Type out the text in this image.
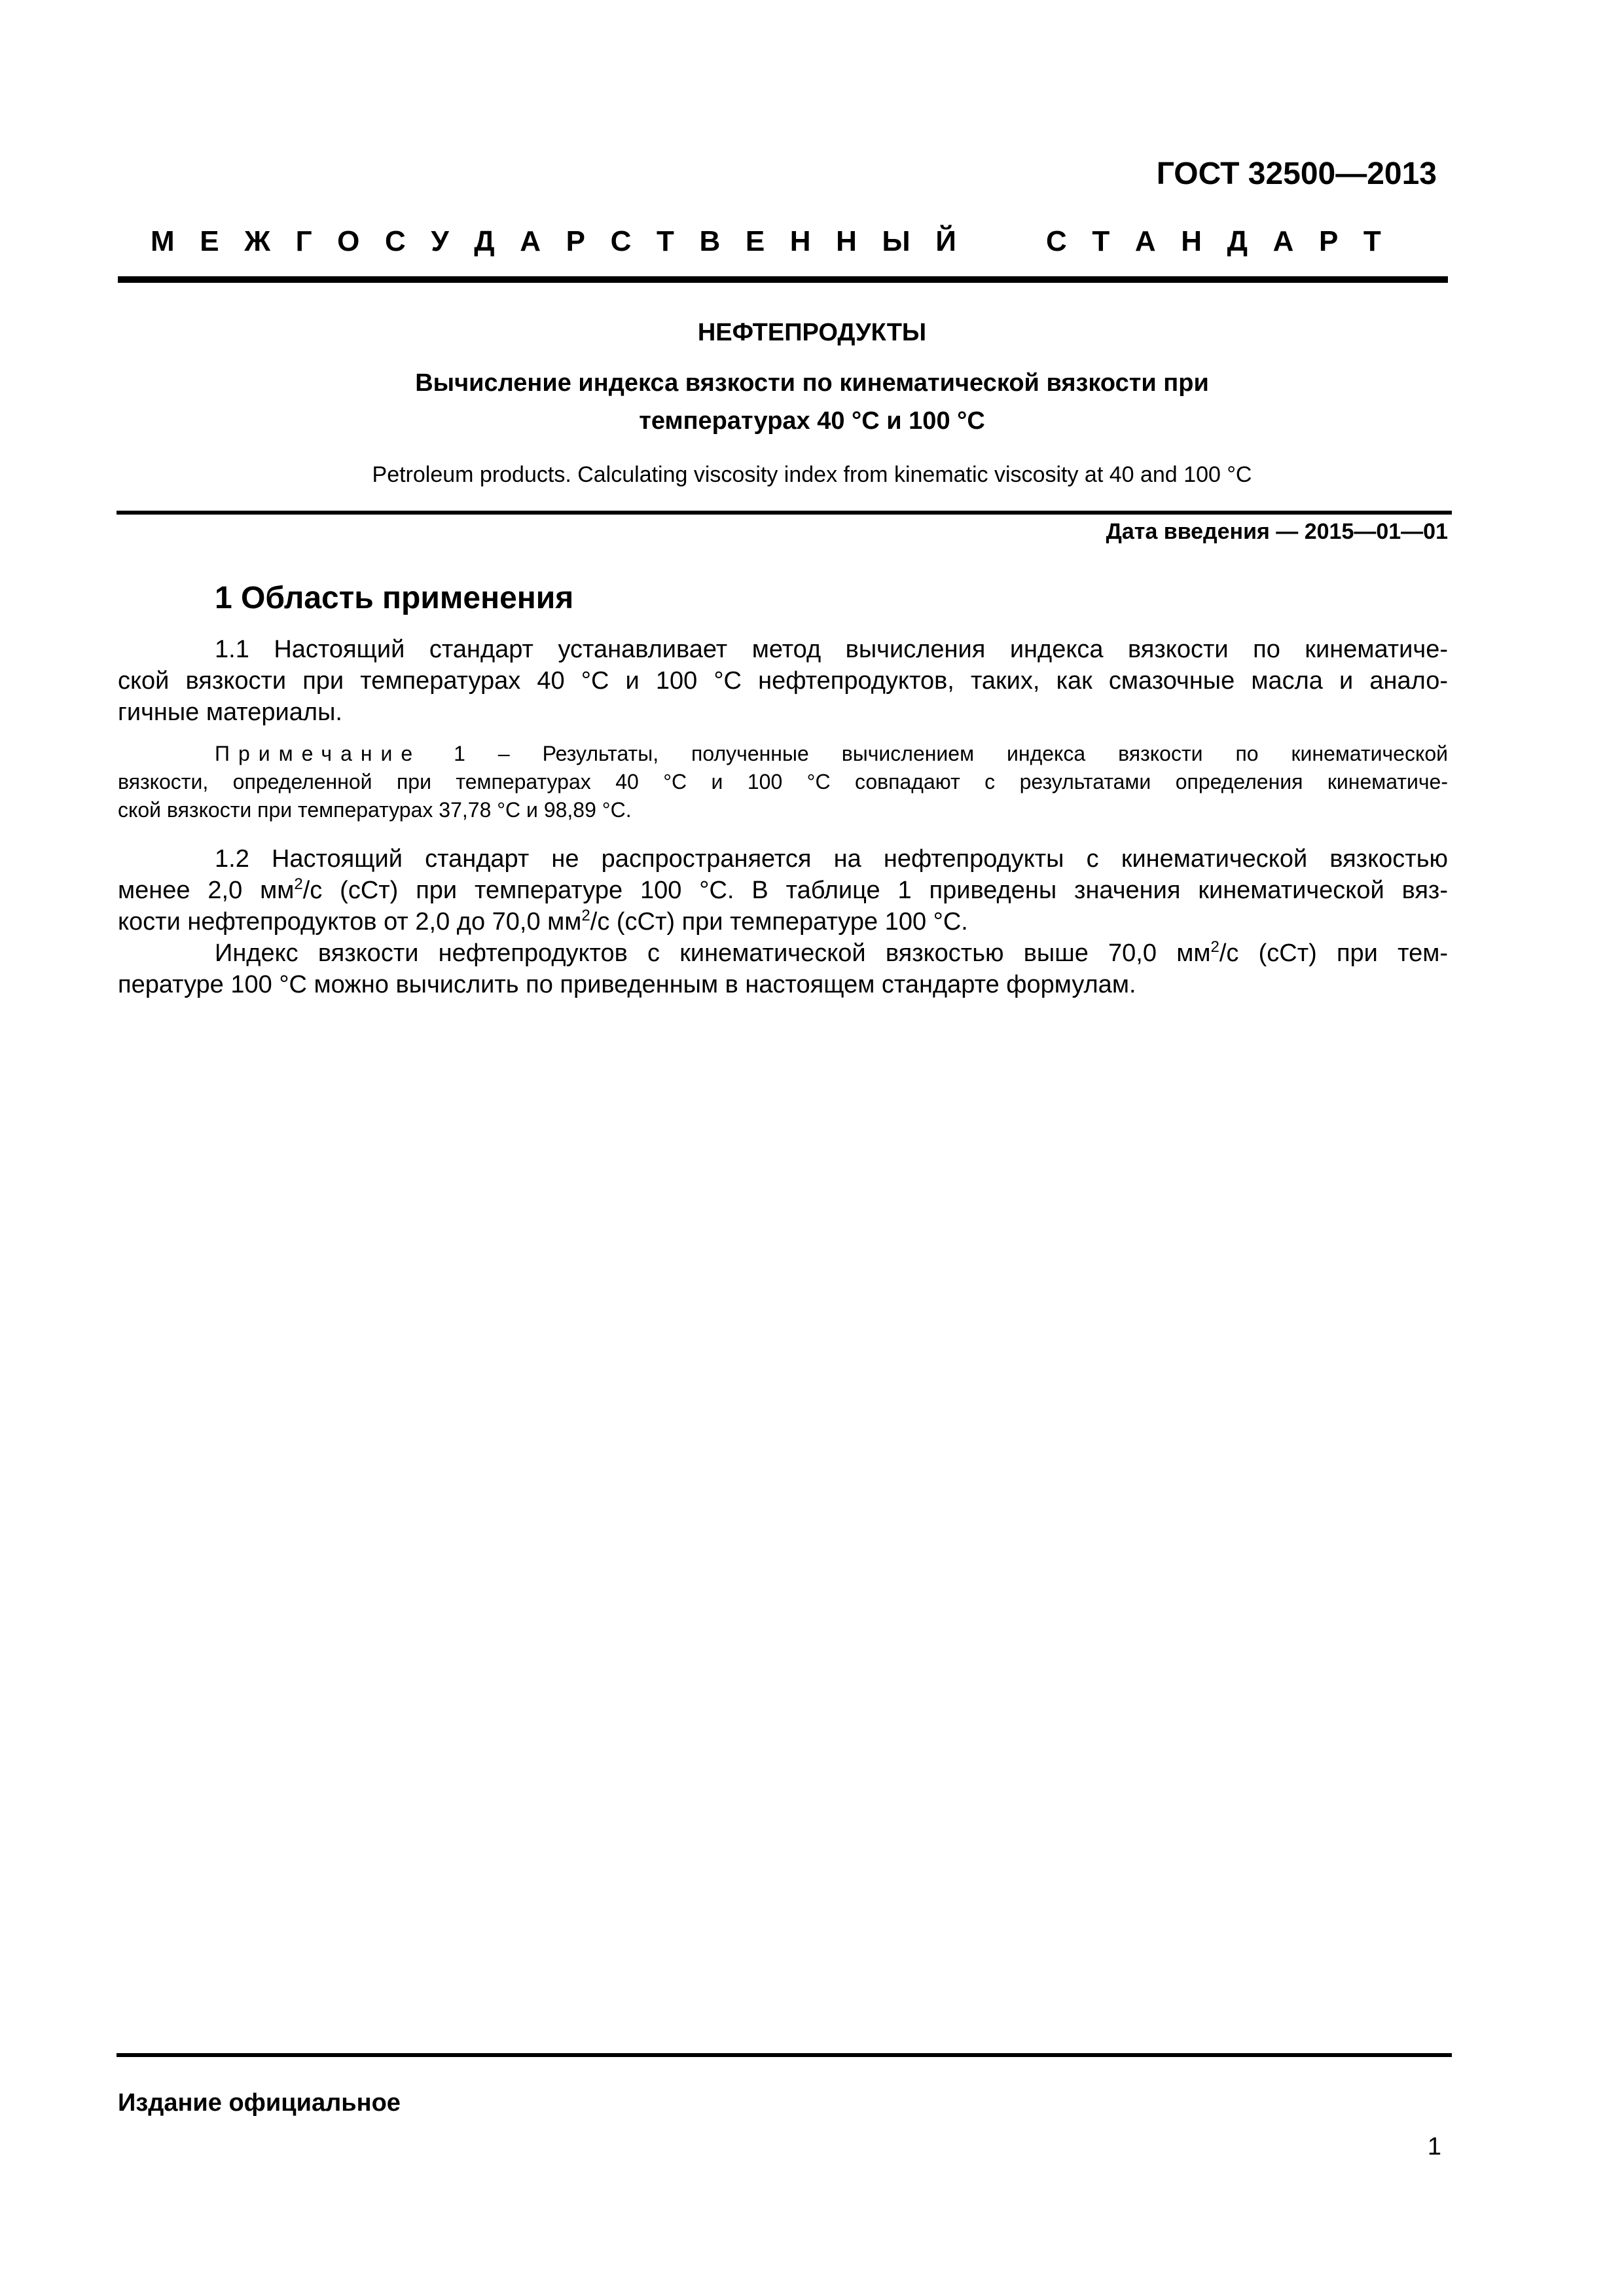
ГОСТ 32500—2013
М Е Ж Г О С У Д А Р С Т В Е Н Н Ы Й	С Т А Н Д А Р Т
НЕФТЕПРОДУКТЫ
Вычисление индекса вязкости по кинематической вязкости при
температурах 40 °С и 100 °С
Petroleum products. Calculating viscosity index from kinematic viscosity at 40 and 100 °C
Дата введения — 2015—01—01
1 Область применения
1.1 Настоящий стандарт устанавливает метод вычисления индекса вязкости по кинематиче-
ской вязкости при температурах 40 °С и 100 °С нефтепродуктов, таких, как смазочные масла и анало-
гичные материалы.
Примечание 1 – Результаты, полученные вычислением индекса вязкости по кинематической
вязкости, определенной при температурах 40 °С и 100 °С совпадают с результатами определения кинематиче-
ской вязкости при температурах 37,78 °С и 98,89 °С.
1.2 Настоящий стандарт не распространяется на нефтепродукты с кинематической вязкостью
менее 2,0 $мм^2/с$ (сСт) при температуре 100 °С. В таблице 1 приведены значения кинематической вяз-
кости нефтепродуктов от 2,0 до 70,0 $мм^2/с$ (сСт) при температуре 100 °С.
Индекс вязкости нефтепродуктов с кинематической вязкостью выше 70,0 $мм^2/с$ (сСт) при тем-
пературе 100 °С можно вычислить по приведенным в настоящем стандарте формулам.
Издание официальное
1
